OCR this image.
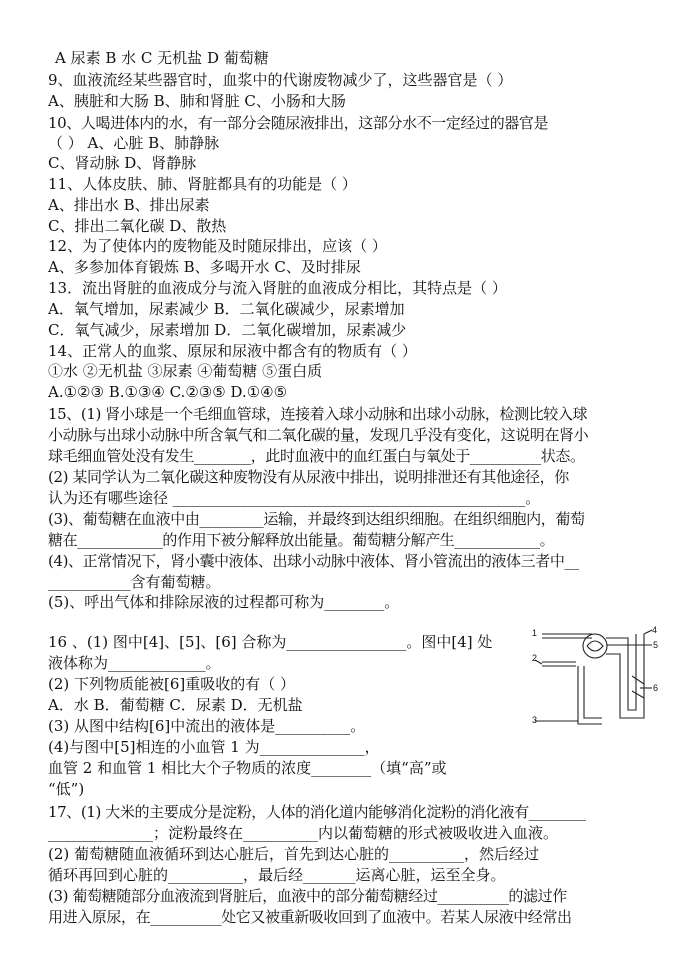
A 尿素 B 水 C 无机盐 D 葡萄糖
9、血液流经某些器官时，血浆中的代谢废物减少了，这些器官是（ ）
A、胰脏和大肠 B、肺和肾脏 C、小肠和大肠
10、人喝进体内的水，有一部分会随尿液排出，这部分水不一定经过的器官是
（ ） A、心脏 B、肺静脉
C、肾动脉 D、肾静脉
11、人体皮肤、肺、肾脏都具有的功能是（ ）
A、排出水 B、排出尿素
C、排出二氧化碳 D、散热
12、为了使体内的废物能及时随尿排出，应该（ ）
A、多参加体育锻炼 B、多喝开水 C、及时排尿
13．流出肾脏的血液成分与流入肾脏的血液成分相比，其特点是（ ）
A．氧气增加，尿素减少 B．二氧化碳减少，尿素增加
C．氧气减少，尿素增加 D．二氧化碳增加，尿素减少
14、正常人的血浆、原尿和尿液中都含有的物质有（ ）
①水 ②无机盐 ③尿素 ④葡萄糖 ⑤蛋白质
A.①②③ B.①③④ C.②③⑤ D.①④⑤
15、(1) 肾小球是一个毛细血管球，连接着入球小动脉和出球小动脉，检测比较入球
小动脉与出球小动脉中所含氧气和二氧化碳的量，发现几乎没有变化，这说明在肾小
球毛细血管处没有发生________，此时血液中的血红蛋白与氧处于__________状态。
(2) 某同学认为二氧化碳这种废物没有从尿液中排出，说明排泄还有其他途径，你
认为还有哪些途径 _______________________________________________。
(3)、葡萄糖在血液中由_________运输，并最终到达组织细胞。在组织细胞内，葡萄
糖在____________的作用下被分解释放出能量。葡萄糖分解产生____________。
(4)、正常情况下，肾小囊中液体、出球小动脉中液体、肾小管流出的液体三者中__
___________含有葡萄糖。
(5)、呼出气体和排除尿液的过程都可称为________。
16 、(1) 图中[4]、[5]、[6] 合称为________________。图中[4] 处
液体称为_____________。
(2) 下列物质能被[6]重吸收的有（ ）
A．水 B．葡萄糖 C．尿素 D．无机盐
(3) 从图中结构[6]中流出的液体是__________。
(4)与图中[5]相连的小血管 1 为______________，
血管 2 和血管 1 相比大个子物质的浓度________（填“高”或
“低”)
17、(1) 大米的主要成分是淀粉，人体的消化道内能够消化淀粉的消化液有________
______________；淀粉最终在__________内以葡萄糖的形式被吸收进入血液。
(2) 葡萄糖随血液循环到达心脏后，首先到达心脏的__________，然后经过
循环再回到心脏的__________，最后经_______运离心脏，运至全身。
(3) 葡萄糖随部分血液流到肾脏后，血液中的部分葡萄糖经过__________的滤过作
用进入原尿，在__________处它又被重新吸收回到了血液中。若某人尿液中经常出
4
5
6
1
2
3
